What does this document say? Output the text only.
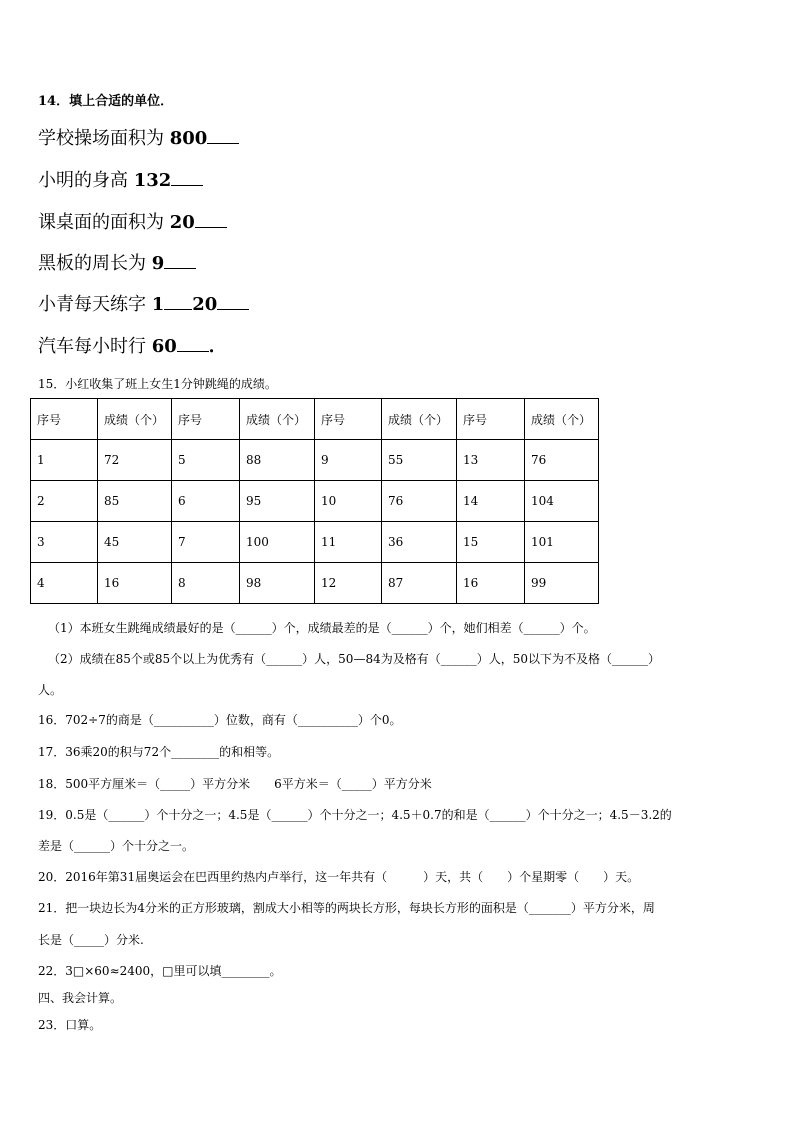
14．填上合适的单位．
学校操场面积为 800
小明的身高 132
课桌面的面积为 20
黑板的周长为 9
小青每天练字 1 20
汽车每小时行 60 ．
15．小红收集了班上女生1分钟跳绳的成绩。
序号	成绩（个）	序号	成绩（个）	序号	成绩（个）	序号	成绩（个）
1	72	5	88	9	55	13	76
2	85	6	95	10	76	14	104
3	45	7	100	11	36	15	101
4	16	8	98	12	87	16	99
（1）本班女生跳绳成绩最好的是（______）个，成绩最差的是（______）个，她们相差（______）个。
（2）成绩在85个或85个以上为优秀有（______）人，50—84为及格有（______）人，50以下为不及格（______）
人。
16．702÷7的商是（__________）位数，商有（__________）个0。
17．36乘20的积与72个________的和相等。
18．500平方厘米＝（_____）平方分米　　6平方米＝（_____）平方分米
19．0.5是（______）个十分之一；4.5是（______）个十分之一；4.5＋0.7的和是（______）个十分之一；4.5－3.2的
差是（______）个十分之一。
20．2016年第31届奥运会在巴西里约热内卢举行，这一年共有（　　　）天，共（　　）个星期零（　　）天。
21．把一块边长为4分米的正方形玻璃，割成大小相等的两块长方形，每块长方形的面积是（_______）平方分米，周
长是（_____）分米.
22．3□×60≈2400，□里可以填________。
四、我会计算。
23．口算。
